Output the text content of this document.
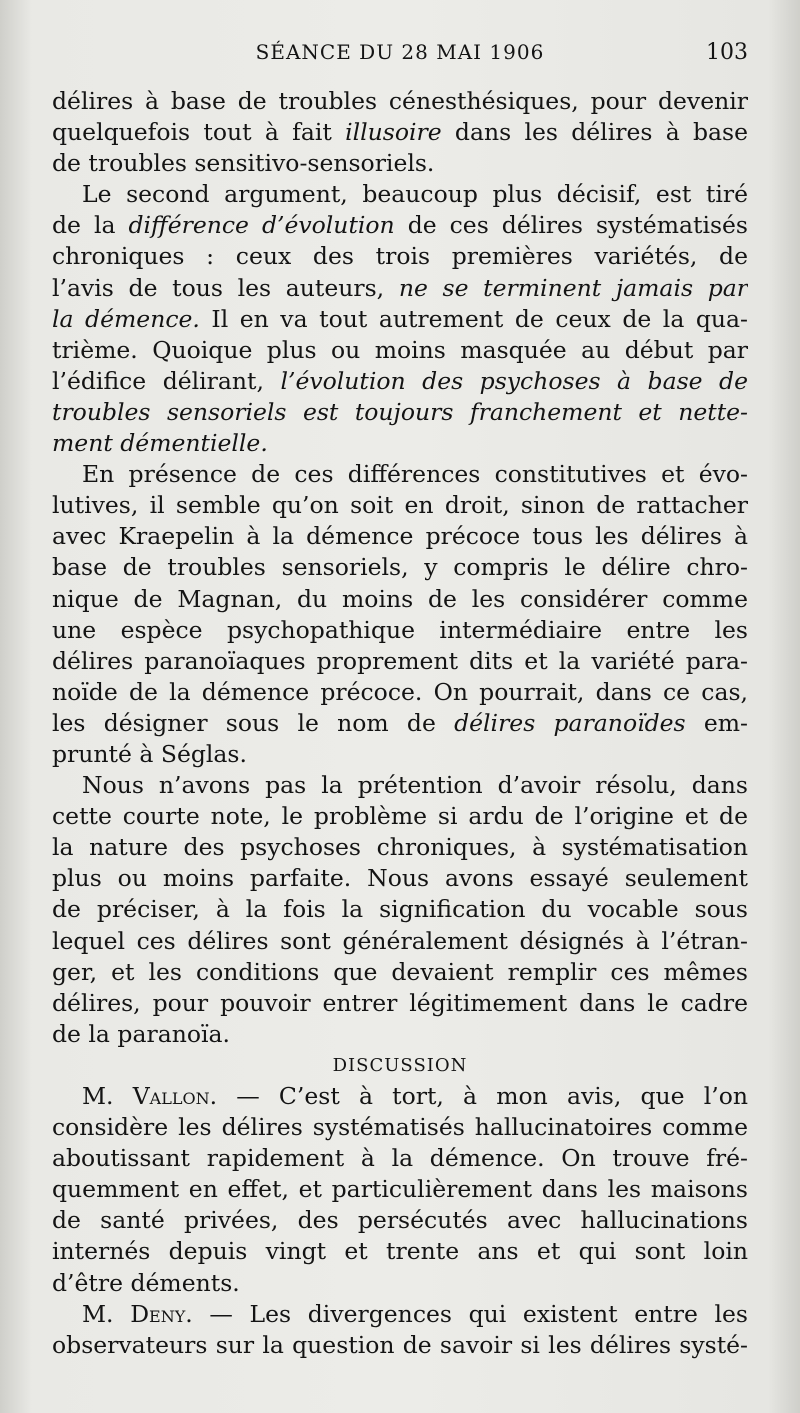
SÉANCE DU 28 MAI 1906	103
délires à base de troubles cénesthésiques, pour devenir
quelquefois tout à fait illusoire dans les délires à base
de troubles sensitivo-sensoriels.
Le second argument, beaucoup plus décisif, est tiré
de la différence d’évolution de ces délires systématisés
chroniques : ceux des trois premières variétés, de
l’avis de tous les auteurs, ne se terminent jamais par
la démence. Il en va tout autrement de ceux de la qua-
trième. Quoique plus ou moins masquée au début par
l’édifice délirant, l’évolution des psychoses à base de
troubles sensoriels est toujours franchement et nette-
ment démentielle.
En présence de ces différences constitutives et évo-
lutives, il semble qu’on soit en droit, sinon de rattacher
avec Kraepelin à la démence précoce tous les délires à
base de troubles sensoriels, y compris le délire chro-
nique de Magnan, du moins de les considérer comme
une espèce psychopathique intermédiaire entre les
délires paranoïaques proprement dits et la variété para-
noïde de la démence précoce. On pourrait, dans ce cas,
les désigner sous le nom de délires paranoïdes em-
prunté à Séglas.
Nous n’avons pas la prétention d’avoir résolu, dans
cette courte note, le problème si ardu de l’origine et de
la nature des psychoses chroniques, à systématisation
plus ou moins parfaite. Nous avons essayé seulement
de préciser, à la fois la signification du vocable sous
lequel ces délires sont généralement désignés à l’étran-
ger, et les conditions que devaient remplir ces mêmes
délires, pour pouvoir entrer légitimement dans le cadre
de la paranoïa.
DISCUSSION
M. Vallon. — C’est à tort, à mon avis, que l’on
considère les délires systématisés hallucinatoires comme
aboutissant rapidement à la démence. On trouve fré-
quemment en effet, et particulièrement dans les maisons
de santé privées, des persécutés avec hallucinations
internés depuis vingt et trente ans et qui sont loin
d’être déments.
M. Deny. — Les divergences qui existent entre les
observateurs sur la question de savoir si les délires systé-
